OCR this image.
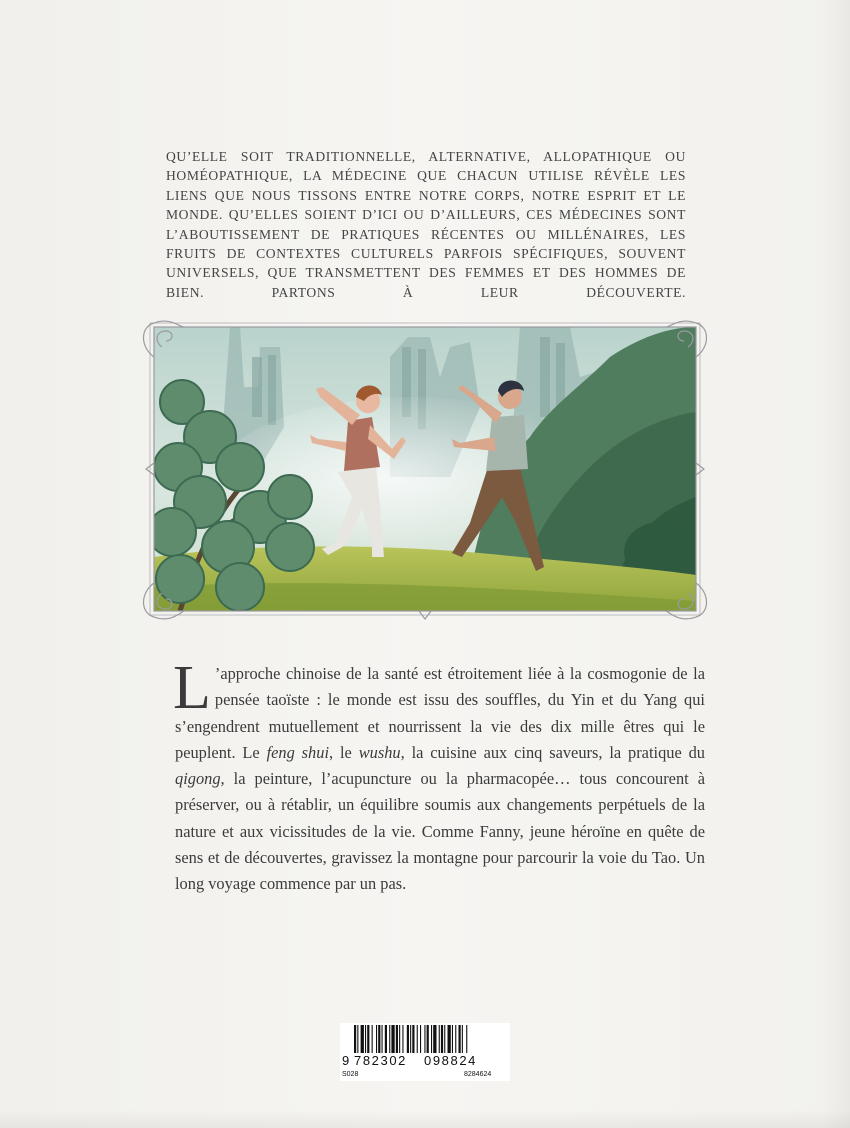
QU’ELLE SOIT TRADITIONNELLE, ALTERNATIVE, ALLOPATHIQUE OU HOMÉOPATHIQUE, LA MÉDECINE QUE CHACUN UTILISE RÉVÈLE LES LIENS QUE NOUS TISSONS ENTRE NOTRE CORPS, NOTRE ESPRIT ET LE MONDE. QU’ELLES SOIENT D’ICI OU D’AILLEURS, CES MÉDECINES SONT L’ABOUTISSEMENT DE PRATIQUES RÉCENTES OU MILLÉNAIRES, LES FRUITS DE CONTEXTES CULTURELS PARFOIS SPÉCIFIQUES, SOUVENT UNIVERSELS, QUE TRANSMETTENT DES FEMMES ET DES HOMMES DE BIEN. PARTONS À LEUR DÉCOUVERTE.
L ’approche chinoise de la santé est étroitement liée à la cosmogonie de la pensée taoïste : le monde est issu des souffles, du Yin et du Yang qui s’engendrent mutuellement et nourrissent la vie des dix mille êtres qui le peuplent. Le feng shui, le wushu, la cuisine aux cinq saveurs, la pratique du qigong, la peinture, l’acupuncture ou la pharmacopée… tous concourent à préserver, ou à rétablir, un équilibre soumis aux changements perpétuels de la nature et aux vicissitudes de la vie. Comme Fanny, jeune héroïne en quête de sens et de découvertes, gravissez la montagne pour parcourir la voie du Tao. Un long voyage commence par un pas.
9 782302 098824
S028	8284624
